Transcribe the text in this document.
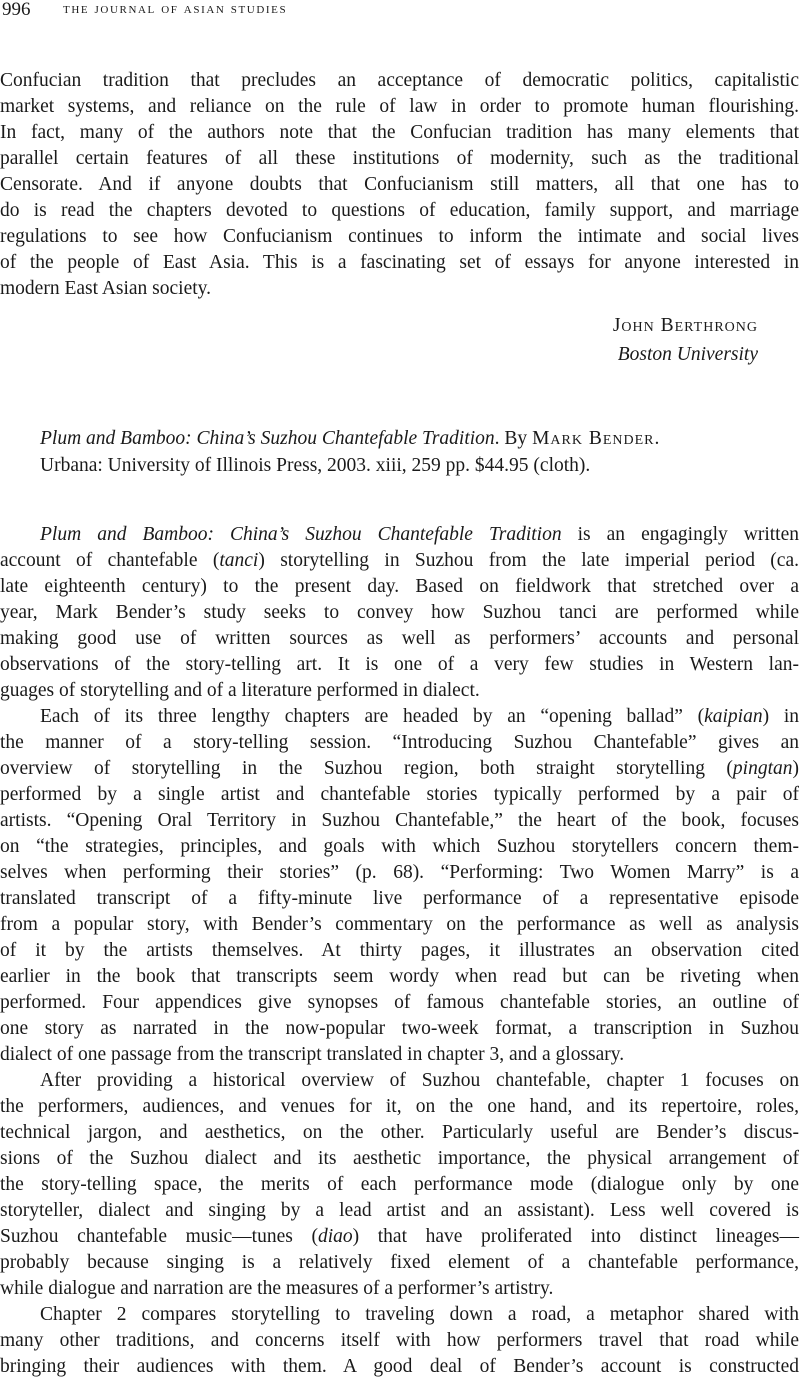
996 the journal of asian studies
Confucian tradition that precludes an acceptance of democratic politics, capitalistic
market systems, and reliance on the rule of law in order to promote human flourishing.
In fact, many of the authors note that the Confucian tradition has many elements that
parallel certain features of all these institutions of modernity, such as the traditional
Censorate. And if anyone doubts that Confucianism still matters, all that one has to
do is read the chapters devoted to questions of education, family support, and marriage
regulations to see how Confucianism continues to inform the intimate and social lives
of the people of East Asia. This is a fascinating set of essays for anyone interested in
modern East Asian society.
John Berthrong
Boston University
Plum and Bamboo: China’s Suzhou Chantefable Tradition. By Mark Bender.
Urbana: University of Illinois Press, 2003. xiii, 259 pp. $44.95 (cloth).
Plum and Bamboo: China’s Suzhou Chantefable Tradition is an engagingly written
account of chantefable (tanci) storytelling in Suzhou from the late imperial period (ca.
late eighteenth century) to the present day. Based on fieldwork that stretched over a
year, Mark Bender’s study seeks to convey how Suzhou tanci are performed while
making good use of written sources as well as performers’ accounts and personal
observations of the story-telling art. It is one of a very few studies in Western lan-
guages of storytelling and of a literature performed in dialect.
Each of its three lengthy chapters are headed by an “opening ballad” (kaipian) in
the manner of a story-telling session. “Introducing Suzhou Chantefable” gives an
overview of storytelling in the Suzhou region, both straight storytelling (pingtan)
performed by a single artist and chantefable stories typically performed by a pair of
artists. “Opening Oral Territory in Suzhou Chantefable,” the heart of the book, focuses
on “the strategies, principles, and goals with which Suzhou storytellers concern them-
selves when performing their stories” (p. 68). “Performing: Two Women Marry” is a
translated transcript of a fifty-minute live performance of a representative episode
from a popular story, with Bender’s commentary on the performance as well as analysis
of it by the artists themselves. At thirty pages, it illustrates an observation cited
earlier in the book that transcripts seem wordy when read but can be riveting when
performed. Four appendices give synopses of famous chantefable stories, an outline of
one story as narrated in the now-popular two-week format, a transcription in Suzhou
dialect of one passage from the transcript translated in chapter 3, and a glossary.
After providing a historical overview of Suzhou chantefable, chapter 1 focuses on
the performers, audiences, and venues for it, on the one hand, and its repertoire, roles,
technical jargon, and aesthetics, on the other. Particularly useful are Bender’s discus-
sions of the Suzhou dialect and its aesthetic importance, the physical arrangement of
the story-telling space, the merits of each performance mode (dialogue only by one
storyteller, dialect and singing by a lead artist and an assistant). Less well covered is
Suzhou chantefable music—tunes (diao) that have proliferated into distinct lineages—
probably because singing is a relatively fixed element of a chantefable performance,
while dialogue and narration are the measures of a performer’s artistry.
Chapter 2 compares storytelling to traveling down a road, a metaphor shared with
many other traditions, and concerns itself with how performers travel that road while
bringing their audiences with them. A good deal of Bender’s account is constructed
